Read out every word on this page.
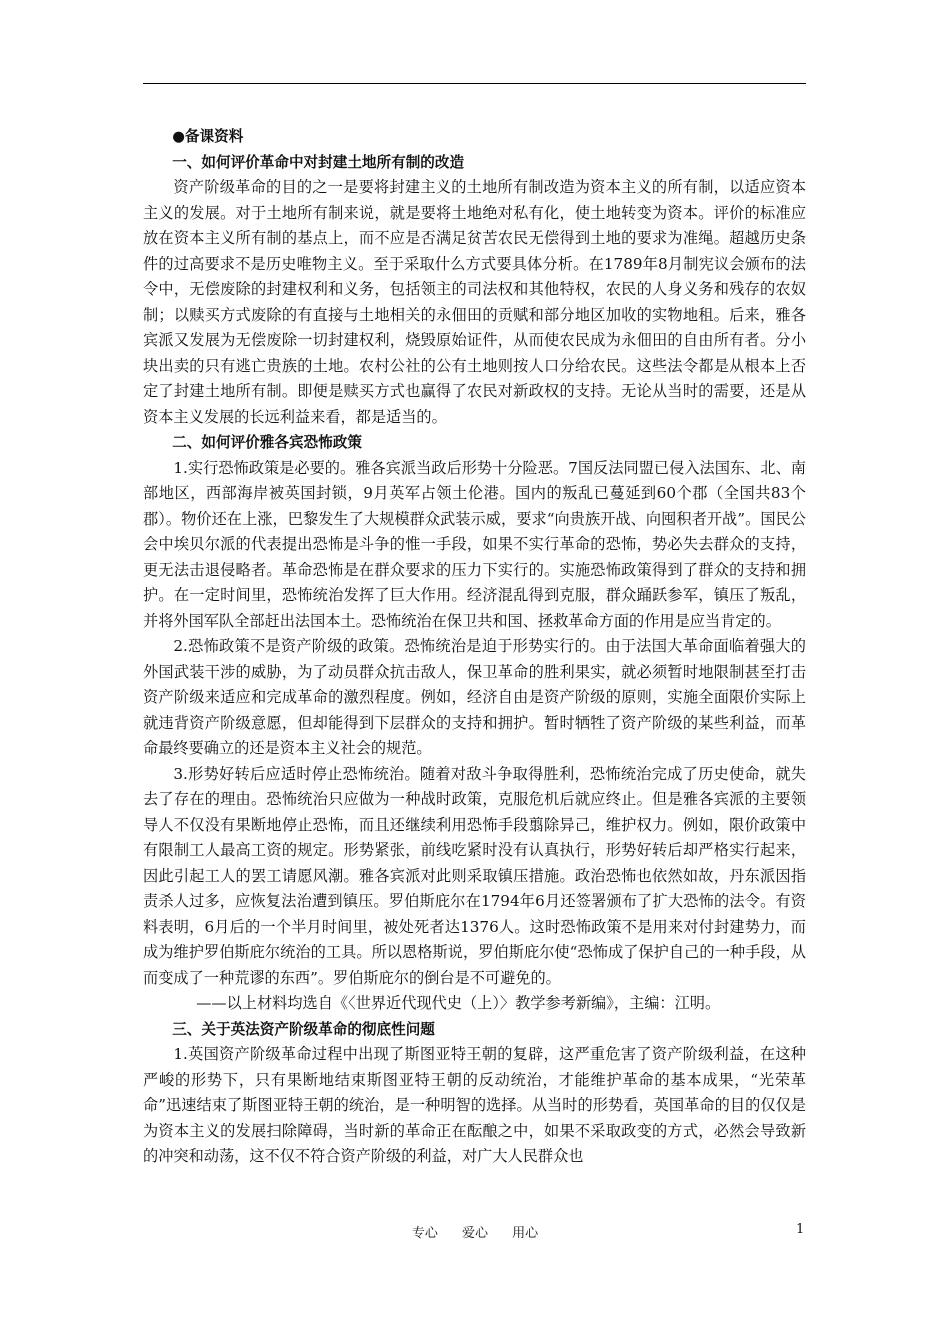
●备课资料

一、如何评价革命中对封建土地所有制的改造

资产阶级革命的目的之一是要将封建主义的土地所有制改造为资本主义的所有制，以适应资本主义的发展。对于土地所有制来说，就是要将土地绝对私有化，使土地转变为资本。评价的标准应放在资本主义所有制的基点上，而不应是否满足贫苦农民无偿得到土地的要求为准绳。超越历史条件的过高要求不是历史唯物主义。至于采取什么方式要具体分析。在1789年8月制宪议会颁布的法令中，无偿废除的封建权利和义务，包括领主的司法权和其他特权，农民的人身义务和残存的农奴制；以赎买方式废除的有直接与土地相关的永佃田的贡赋和部分地区加收的实物地租。后来，雅各宾派又发展为无偿废除一切封建权利，烧毁原始证件，从而使农民成为永佃田的自由所有者。分小块出卖的只有逃亡贵族的土地。农村公社的公有土地则按人口分给农民。这些法令都是从根本上否定了封建土地所有制。即便是赎买方式也赢得了农民对新政权的支持。无论从当时的需要，还是从资本主义发展的长远利益来看，都是适当的。

二、如何评价雅各宾恐怖政策

1.实行恐怖政策是必要的。雅各宾派当政后形势十分险恶。7国反法同盟已侵入法国东、北、南部地区，西部海岸被英国封锁，9月英军占领土伦港。国内的叛乱已蔓延到60个郡（全国共83个郡）。物价还在上涨，巴黎发生了大规模群众武装示威，要求“向贵族开战、向囤积者开战”。国民公会中埃贝尔派的代表提出恐怖是斗争的惟一手段，如果不实行革命的恐怖，势必失去群众的支持，更无法击退侵略者。革命恐怖是在群众要求的压力下实行的。实施恐怖政策得到了群众的支持和拥护。在一定时间里，恐怖统治发挥了巨大作用。经济混乱得到克服，群众踊跃参军，镇压了叛乱，并将外国军队全部赶出法国本土。恐怖统治在保卫共和国、拯救革命方面的作用是应当肯定的。

2.恐怖政策不是资产阶级的政策。恐怖统治是迫于形势实行的。由于法国大革命面临着强大的外国武装干涉的威胁，为了动员群众抗击敌人，保卫革命的胜利果实，就必须暂时地限制甚至打击资产阶级来适应和完成革命的激烈程度。例如，经济自由是资产阶级的原则，实施全面限价实际上就违背资产阶级意愿，但却能得到下层群众的支持和拥护。暂时牺牲了资产阶级的某些利益，而革命最终要确立的还是资本主义社会的规范。

3.形势好转后应适时停止恐怖统治。随着对敌斗争取得胜利，恐怖统治完成了历史使命，就失去了存在的理由。恐怖统治只应做为一种战时政策，克服危机后就应终止。但是雅各宾派的主要领导人不仅没有果断地停止恐怖，而且还继续利用恐怖手段翦除异己，维护权力。例如，限价政策中有限制工人最高工资的规定。形势紧张，前线吃紧时没有认真执行，形势好转后却严格实行起来，因此引起工人的罢工请愿风潮。雅各宾派对此则采取镇压措施。政治恐怖也依然如故，丹东派因指责杀人过多，应恢复法治遭到镇压。罗伯斯庇尔在1794年6月还签署颁布了扩大恐怖的法令。有资料表明，6月后的一个半月时间里，被处死者达1376人。这时恐怖政策不是用来对付封建势力，而成为维护罗伯斯庇尔统治的工具。所以恩格斯说，罗伯斯庇尔使“恐怖成了保护自己的一种手段，从而变成了一种荒谬的东西”。罗伯斯庇尔的倒台是不可避免的。

——以上材料均选自《〈世界近代现代史（上）〉教学参考新编》，主编：江明。

三、关于英法资产阶级革命的彻底性问题

1.英国资产阶级革命过程中出现了斯图亚特王朝的复辟，这严重危害了资产阶级利益，在这种严峻的形势下，只有果断地结束斯图亚特王朝的反动统治，才能维护革命的基本成果，“光荣革命”迅速结束了斯图亚特王朝的统治，是一种明智的选择。从当时的形势看，英国革命的目的仅仅是为资本主义的发展扫除障碍，当时新的革命正在酝酿之中，如果不采取政变的方式，必然会导致新的冲突和动荡，这不仅不符合资产阶级的利益，对广大人民群众也

专心 爱心 用心	1
